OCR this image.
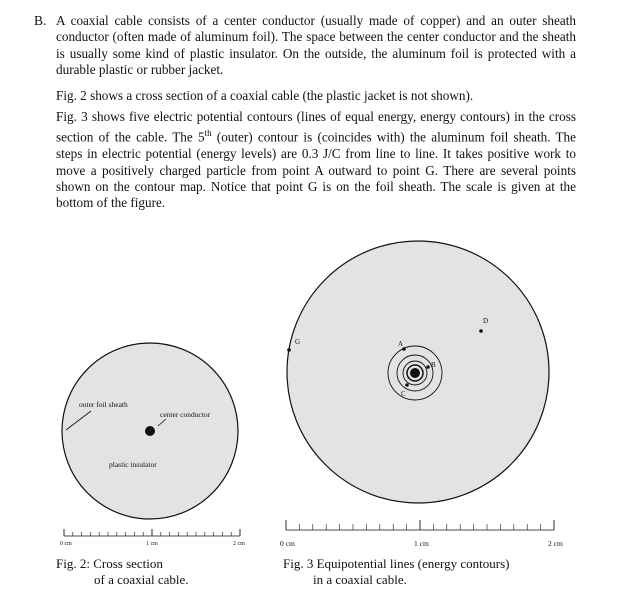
B. A coaxial cable consists of a center conductor (usually made of copper) and an outer sheath conductor (often made of aluminum foil). The space between the center conductor and the sheath is usually some kind of plastic insulator. On the outside, the aluminum foil is protected with a durable plastic or rubber jacket.

Fig. 2 shows a cross section of a coaxial cable (the plastic jacket is not shown).

Fig. 3 shows five electric potential contours (lines of equal energy, energy contours) in the cross section of the cable. The 5th (outer) contour is (coincides with) the aluminum foil sheath. The steps in electric potential (energy levels) are 0.3 J/C from line to line. It takes positive work to move a positively charged particle from point A outward to point G. There are several points shown on the contour map. Notice that point G is on the foil sheath. The scale is given at the bottom of the figure.

outer foil sheath
center conductor
plastic insulator
0 cm	1 cm	2 cm
A
B
C
D
G
0 cm	1 cm	2 cm
Fig. 2: Cross section
of a coaxial cable.
Fig. 3 Equipotential lines (energy contours)
in a coaxial cable.
